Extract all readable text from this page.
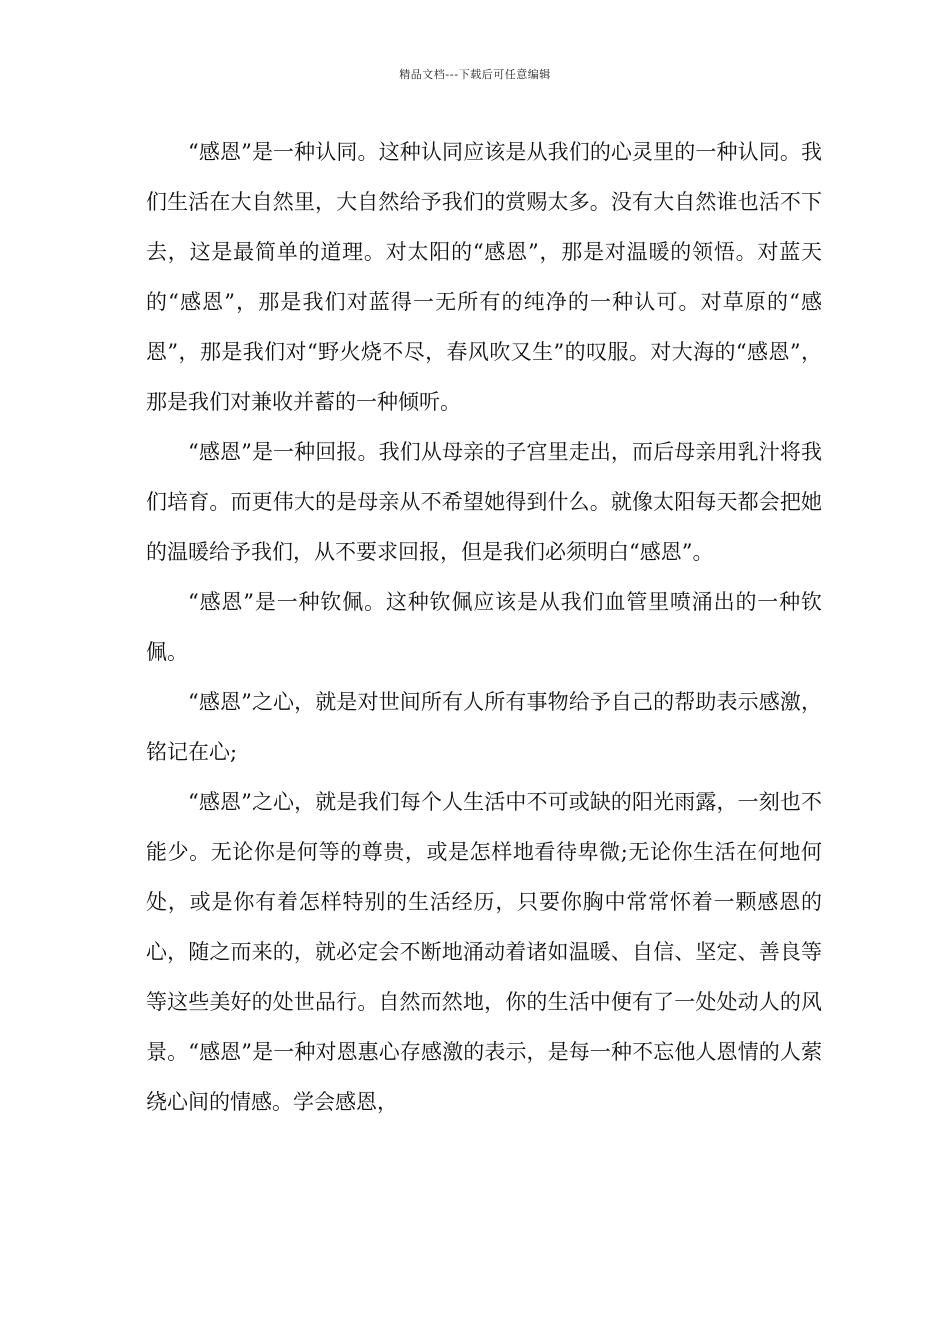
精品文档---下载后可任意编辑

“感恩”是一种认同。这种认同应该是从我们的心灵里的一种认同。我们生活在大自然里，大自然给予我们的赏赐太多。没有大自然谁也活不下去，这是最简单的道理。对太阳的“感恩”，那是对温暖的领悟。对蓝天的“感恩”，那是我们对蓝得一无所有的纯净的一种认可。对草原的“感恩”，那是我们对“野火烧不尽，春风吹又生”的叹服。对大海的“感恩”，那是我们对兼收并蓄的一种倾听。

“感恩”是一种回报。我们从母亲的子宫里走出，而后母亲用乳汁将我们培育。而更伟大的是母亲从不希望她得到什么。就像太阳每天都会把她的温暖给予我们，从不要求回报，但是我们必须明白“感恩”。

“感恩”是一种钦佩。这种钦佩应该是从我们血管里喷涌出的一种钦佩。

“感恩”之心，就是对世间所有人所有事物给予自己的帮助表示感激，铭记在心;

“感恩”之心，就是我们每个人生活中不可或缺的阳光雨露，一刻也不能少。无论你是何等的尊贵，或是怎样地看待卑微;无论你生活在何地何处，或是你有着怎样特别的生活经历，只要你胸中常常怀着一颗感恩的心，随之而来的，就必定会不断地涌动着诸如温暖、自信、坚定、善良等等这些美好的处世品行。自然而然地，你的生活中便有了一处处动人的风景。“感恩”是一种对恩惠心存感激的表示，是每一种不忘他人恩情的人萦绕心间的情感。学会感恩，
